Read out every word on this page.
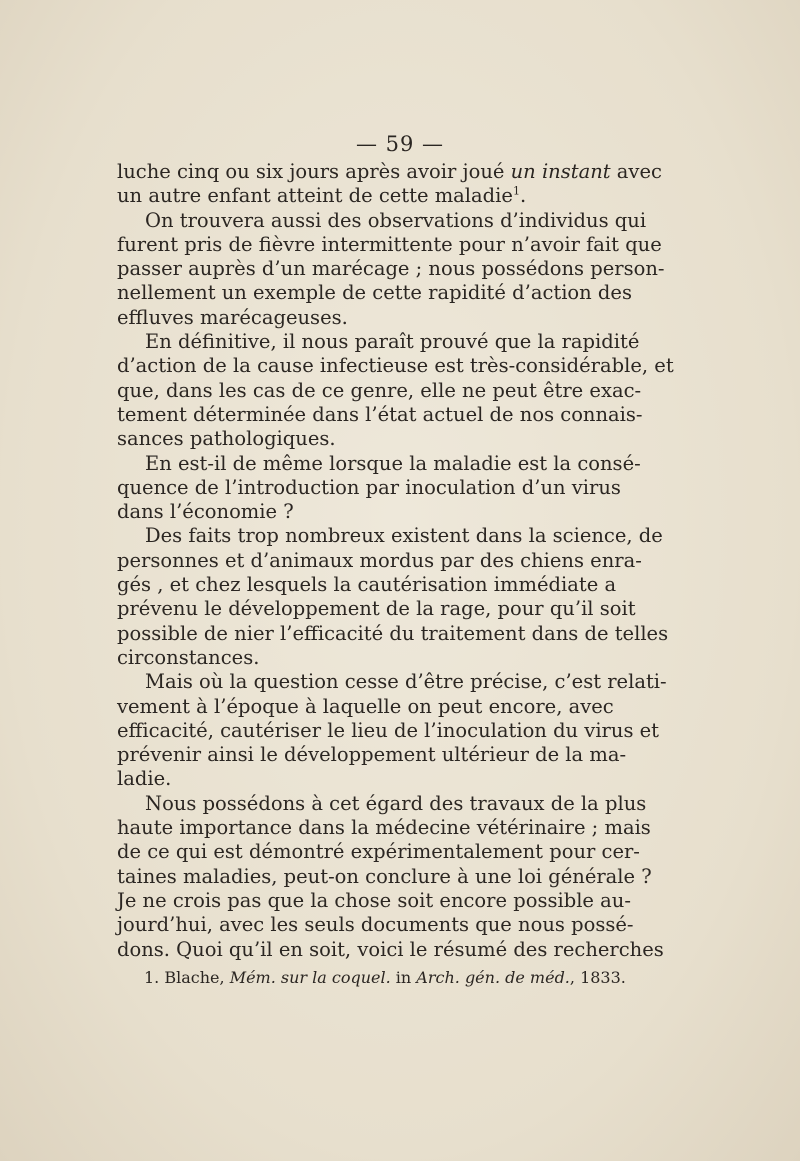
— 59 —
luche cinq ou six jours après avoir joué un instant avec
un autre enfant atteint de cette maladie$^1$.
On trouvera aussi des observations d’individus qui
furent pris de fièvre intermittente pour n’avoir fait que
passer auprès d’un marécage ; nous possédons person-
nellement un exemple de cette rapidité d’action des
effluves marécageuses.
En définitive, il nous paraît prouvé que la rapidité
d’action de la cause infectieuse est très-considérable, et
que, dans les cas de ce genre, elle ne peut être exac-
tement déterminée dans l’état actuel de nos connais-
sances pathologiques.
En est-il de même lorsque la maladie est la consé-
quence de l’introduction par inoculation d’un virus
dans l’économie ?
Des faits trop nombreux existent dans la science, de
personnes et d’animaux mordus par des chiens enra-
gés , et chez lesquels la cautérisation immédiate a
prévenu le développement de la rage, pour qu’il soit
possible de nier l’efficacité du traitement dans de telles
circonstances.
Mais où la question cesse d’être précise, c’est relati-
vement à l’époque à laquelle on peut encore, avec
efficacité, cautériser le lieu de l’inoculation du virus et
prévenir ainsi le développement ultérieur de la ma-
ladie.
Nous possédons à cet égard des travaux de la plus
haute importance dans la médecine vétérinaire ; mais
de ce qui est démontré expérimentalement pour cer-
taines maladies, peut-on conclure à une loi générale ?
Je ne crois pas que la chose soit encore possible au-
jourd’hui, avec les seuls documents que nous possé-
dons. Quoi qu’il en soit, voici le résumé des recherches
1. Blache, Mém. sur la coquel. in Arch. gén. de méd., 1833.
